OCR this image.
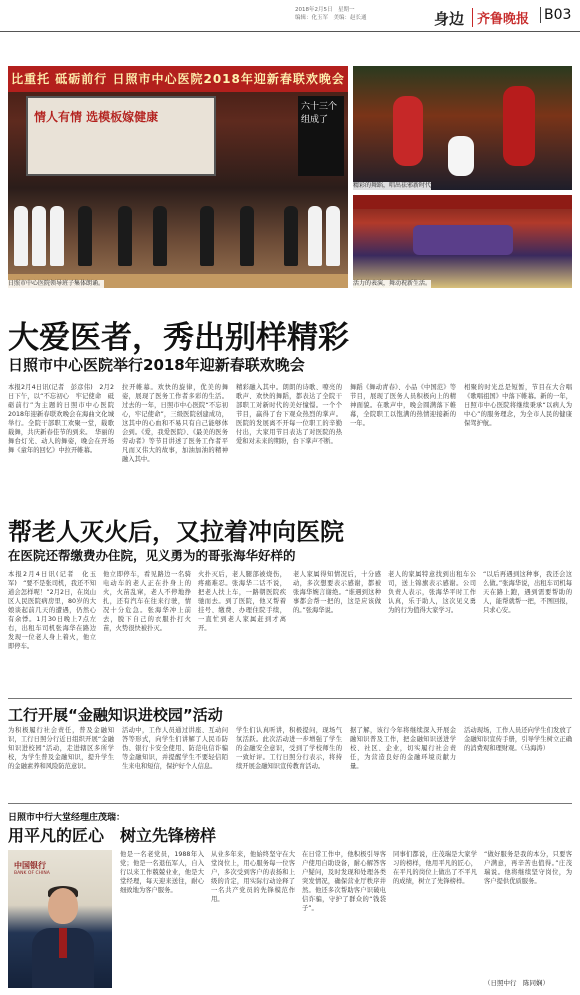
2018年2月5日　星期一
编辑：化玉军　美编：赵长通	身边 齐鲁晚报 B03
比重托 砥砺前行 日照市中心医院2018年迎新春联欢晚会
情人有情 选模板嫁健康
六十三个 组成了
日照市中心医院领导班子集体朗诵。
精彩的舞蹈，唱出祛邪新时代
活力的表演，舞动祝新生活。
大爱医者，秀出别样精彩
日照市中心医院举行2018年迎新春联欢晚会
本报2月4日讯(记者　彭彦伟)　2月2日下午，以“不忘初心　牢记使命　砥砺前行”为主题的日照市中心医院2018年迎新春联欢晚会在海曲文化城举行。全院干部职工欢聚一堂，载歌载舞，共庆新春佳节的到来。　华丽的舞台灯光、动人的舞姿，晚会在开场舞《童年的回忆》中拉开帷幕。
拉开帷幕。欢快的旋律，优美的舞姿，展现了医务工作者多彩的生活。过去的一年，日照市中心医院“不忘初心，牢记使命”，三级医院创建成功，这其中的心血和不易只有自己能够体会到。《爱，我爱医院》、《最美的医务劳动者》等节目讲述了医务工作者平凡而又伟大的故事，加油加油的精神融入其中。
精彩融入其中。朗朗的诗歌、嘹亮的歌声、欢快的舞蹈，都表达了全院干部职工对新时代的美好憧憬。一个个节目，赢得了台下观众热烈的掌声。医院的发展离不开每一位职工的辛勤付出，大家用节目表达了对医院的热爱和对未来的期盼，台下掌声不断。
舞蹈《舞动青春》、小品《中国范》等节目，展现了医务人员积极向上的精神面貌。在歌声中，晚会圆满落下帷幕，全院职工以饱满的热情迎接新的一年。
相聚的时光总是短暂，节目在大合唱《歌唱祖国》中落下帷幕。新的一年，日照市中心医院将继续秉承“以病人为中心”的服务理念，为全市人民的健康保驾护航。
帮老人灭火后，又拉着冲向医院
在医院还帮缴费办住院，见义勇为的哥张海华好样的
本报2月4日讯(记者　化玉军)　“要不是张司机，我还不知道会怎样呢！”2月2日，在岚山区人民医院病房里，80岁的大娘谈起前几天的遭遇，仍然心有余悸。1月30日晚上7点左右，出租车司机张海华在路边发现一位老人身上着火，他立即停车。
他立即停车，看见路边一名骑电动车的老人正在扑身上的火，火苗乱窜，老人不停地挣扎，还有汽车在往来行驶，情况十分危急。张海华冲上前去，脱下自己的衣服扑打火苗，火势很快被扑灭。
火扑灭后，老人腿部被烧伤，疼痛难忍。张海华二话不说，把老人扶上车，一路朝医院疾驰而去。到了医院，他又帮着挂号、缴费、办理住院手续，一直忙到老人家属赶到才离开。
老人家属得知情况后，十分感动，多次想要表示感谢，都被张海华婉言谢绝。“谁遇到这种事都会帮一把的，这是应该做的。”张海华说。
老人的家属特意找到出租车公司，送上锦旗表示感谢。公司负责人表示，张海华平时工作认真，乐于助人，这次见义勇为的行为值得大家学习。
“以后再遇到这种事，我还会这么做。”张海华说，出租车司机每天在路上跑，遇到需要帮助的人，能帮就帮一把，不图回报，只求心安。
工行开展“金融知识进校园”活动
为积极履行社会责任，普及金融知识，工行日照分行近日组织开展“金融知识进校园”活动，走进辖区多所学校，为学生普及金融知识，提升学生的金融素养和风险防范意识。
活动中，工作人员通过讲座、互动问答等形式，向学生们讲解了人民币防伪、银行卡安全使用、防范电信诈骗等金融知识，并提醒学生不要轻信陌生来电和短信，保护好个人信息。
学生们认真听讲，积极提问，现场气氛活跃。此次活动进一步增强了学生的金融安全意识，受到了学校师生的一致好评。工行日照分行表示，将持续开展金融知识宣传教育活动。
据了解，该行今年将继续深入开展金融知识普及工作，把金融知识送进学校、社区、企业，切实履行社会责任，为营造良好的金融环境贡献力量。
活动现场，工作人员还向学生们发放了金融知识宣传手册，引导学生树立正确的消费观和理财观。（马海涛）
日照市中行大堂经理庄茂瑞：
用平凡的匠心　树立先锋榜样
中国银行
BANK OF CHINA
他是一名老党员，1988年入党；他是一名退伍军人，自入行以来工作兢兢业业，他是大堂经理，每天迎来送往，耐心细致地为客户服务。
从业多年来，他始终坚守在大堂岗位上，用心服务每一位客户，多次受到客户的表扬和上级的肯定，用实际行动诠释了一名共产党员的先锋模范作用。
在日常工作中，他积极引导客户使用自助设备，耐心解答客户疑问，及时发现和处理各类突发情况，确保营业厅秩序井然。他还多次帮助客户识破电信诈骗，守护了群众的“钱袋子”。
同事们都说，庄茂瑞是大家学习的榜样，他用平凡的匠心，在平凡的岗位上做出了不平凡的成绩，树立了先锋榜样。
“做好服务是我的本分，只要客户满意，再辛苦也值得。”庄茂瑞说。他将继续坚守岗位，为客户提供优质服务。
（日照中行　陈同娴）
